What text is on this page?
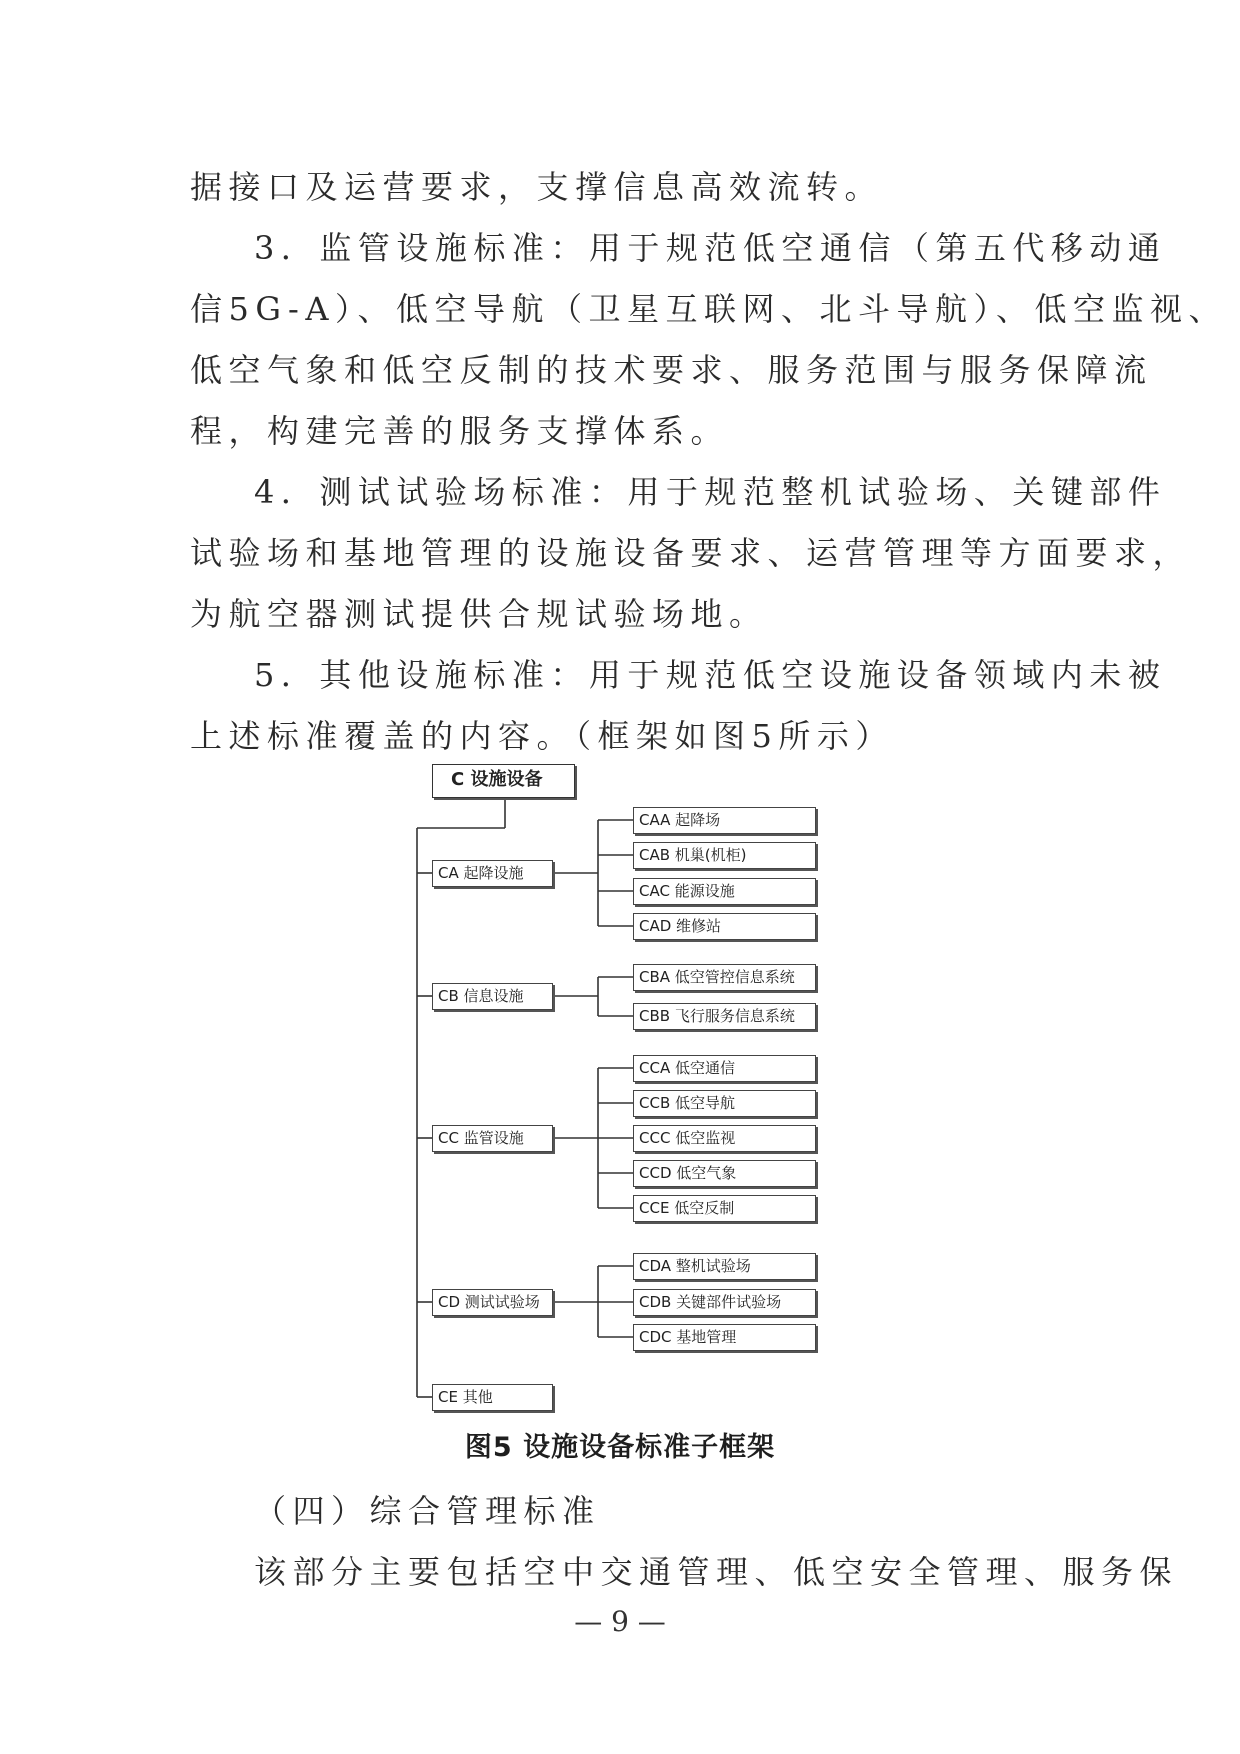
据接口及运营要求，支撑信息高效流转。
3．监管设施标准：用于规范低空通信（第五代移动通
信5G-A）、低空导航（卫星互联网、北斗导航）、低空监视、
低空气象和低空反制的技术要求、服务范围与服务保障流
程，构建完善的服务支撑体系。
4．测试试验场标准：用于规范整机试验场、关键部件
试验场和基地管理的设施设备要求、运营管理等方面要求，
为航空器测试提供合规试验场地。
5．其他设施标准：用于规范低空设施设备领域内未被
上述标准覆盖的内容。（框架如图5所示）
C 设施设备
CA 起降设施
CB 信息设施
CC 监管设施
CD 测试试验场
CE 其他
CAA 起降场
CAB 机巢(机柜)
CAC 能源设施
CAD 维修站
CBA 低空管控信息系统
CBB 飞行服务信息系统
CCA 低空通信
CCB 低空导航
CCC 低空监视
CCD 低空气象
CCE 低空反制
CDA 整机试验场
CDB 关键部件试验场
CDC 基地管理
图5 设施设备标准子框架
（四）综合管理标准
该部分主要包括空中交通管理、低空安全管理、服务保
— 9 —
